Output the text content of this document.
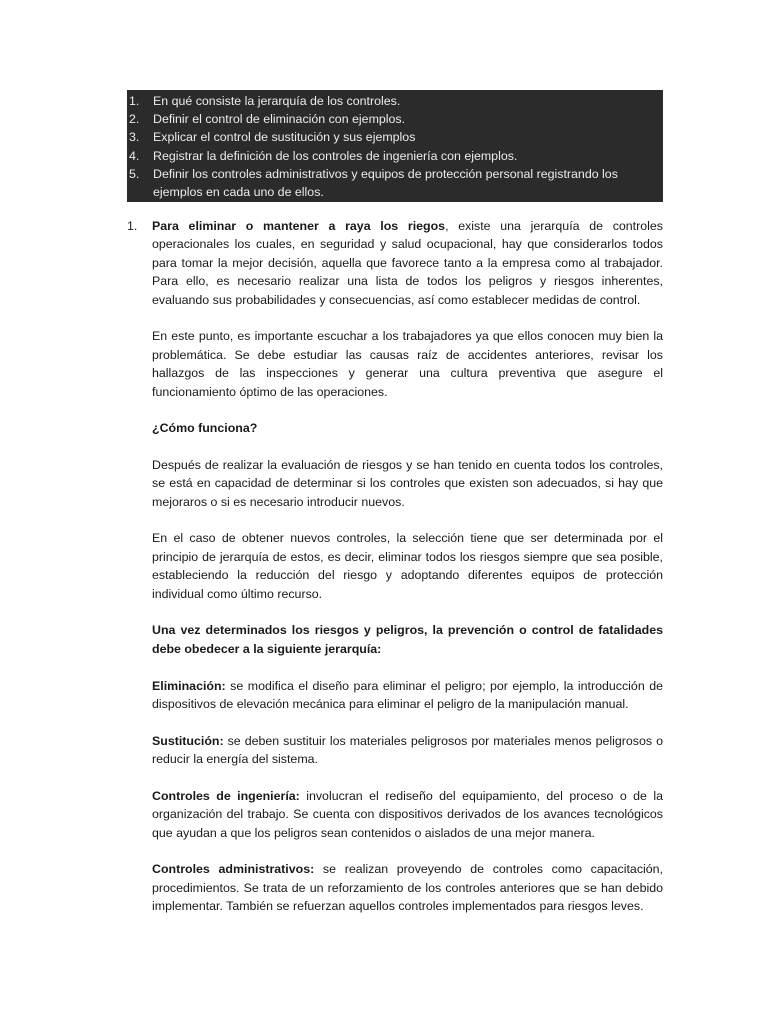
1.	En qué consiste la jerarquía de los controles.
2.	Definir el control de eliminación con ejemplos.
3.	Explicar el control de sustitución y sus ejemplos
4.	Registrar la definición de los controles de ingeniería con ejemplos.
5.	Definir los controles administrativos y equipos de protección personal registrando los ejemplos en cada uno de ellos.
1.	Para eliminar o mantener a raya los riegos, existe una jerarquía de controles operacionales los cuales, en seguridad y salud ocupacional, hay que considerarlos todos para tomar la mejor decisión, aquella que favorece tanto a la empresa como al trabajador. Para ello, es necesario realizar una lista de todos los peligros y riesgos inherentes, evaluando sus probabilidades y consecuencias, así como establecer medidas de control.

En este punto, es importante escuchar a los trabajadores ya que ellos conocen muy bien la problemática. Se debe estudiar las causas raíz de accidentes anteriores, revisar los hallazgos de las inspecciones y generar una cultura preventiva que asegure el funcionamiento óptimo de las operaciones.

¿Cómo funciona?

Después de realizar la evaluación de riesgos y se han tenido en cuenta todos los controles, se está en capacidad de determinar si los controles que existen son adecuados, si hay que mejoraros o si es necesario introducir nuevos.

En el caso de obtener nuevos controles, la selección tiene que ser determinada por el principio de jerarquía de estos, es decir, eliminar todos los riesgos siempre que sea posible, estableciendo la reducción del riesgo y adoptando diferentes equipos de protección individual como último recurso.

Una vez determinados los riesgos y peligros, la prevención o control de fatalidades debe obedecer a la siguiente jerarquía:

Eliminación: se modifica el diseño para eliminar el peligro; por ejemplo, la introducción de dispositivos de elevación mecánica para eliminar el peligro de la manipulación manual.

Sustitución: se deben sustituir los materiales peligrosos por materiales menos peligrosos o reducir la energía del sistema.

Controles de ingeniería: involucran el rediseño del equipamiento, del proceso o de la organización del trabajo. Se cuenta con dispositivos derivados de los avances tecnológicos que ayudan a que los peligros sean contenidos o aislados de una mejor manera.

Controles administrativos: se realizan proveyendo de controles como capacitación, procedimientos. Se trata de un reforzamiento de los controles anteriores que se han debido implementar. También se refuerzan aquellos controles implementados para riesgos leves.
